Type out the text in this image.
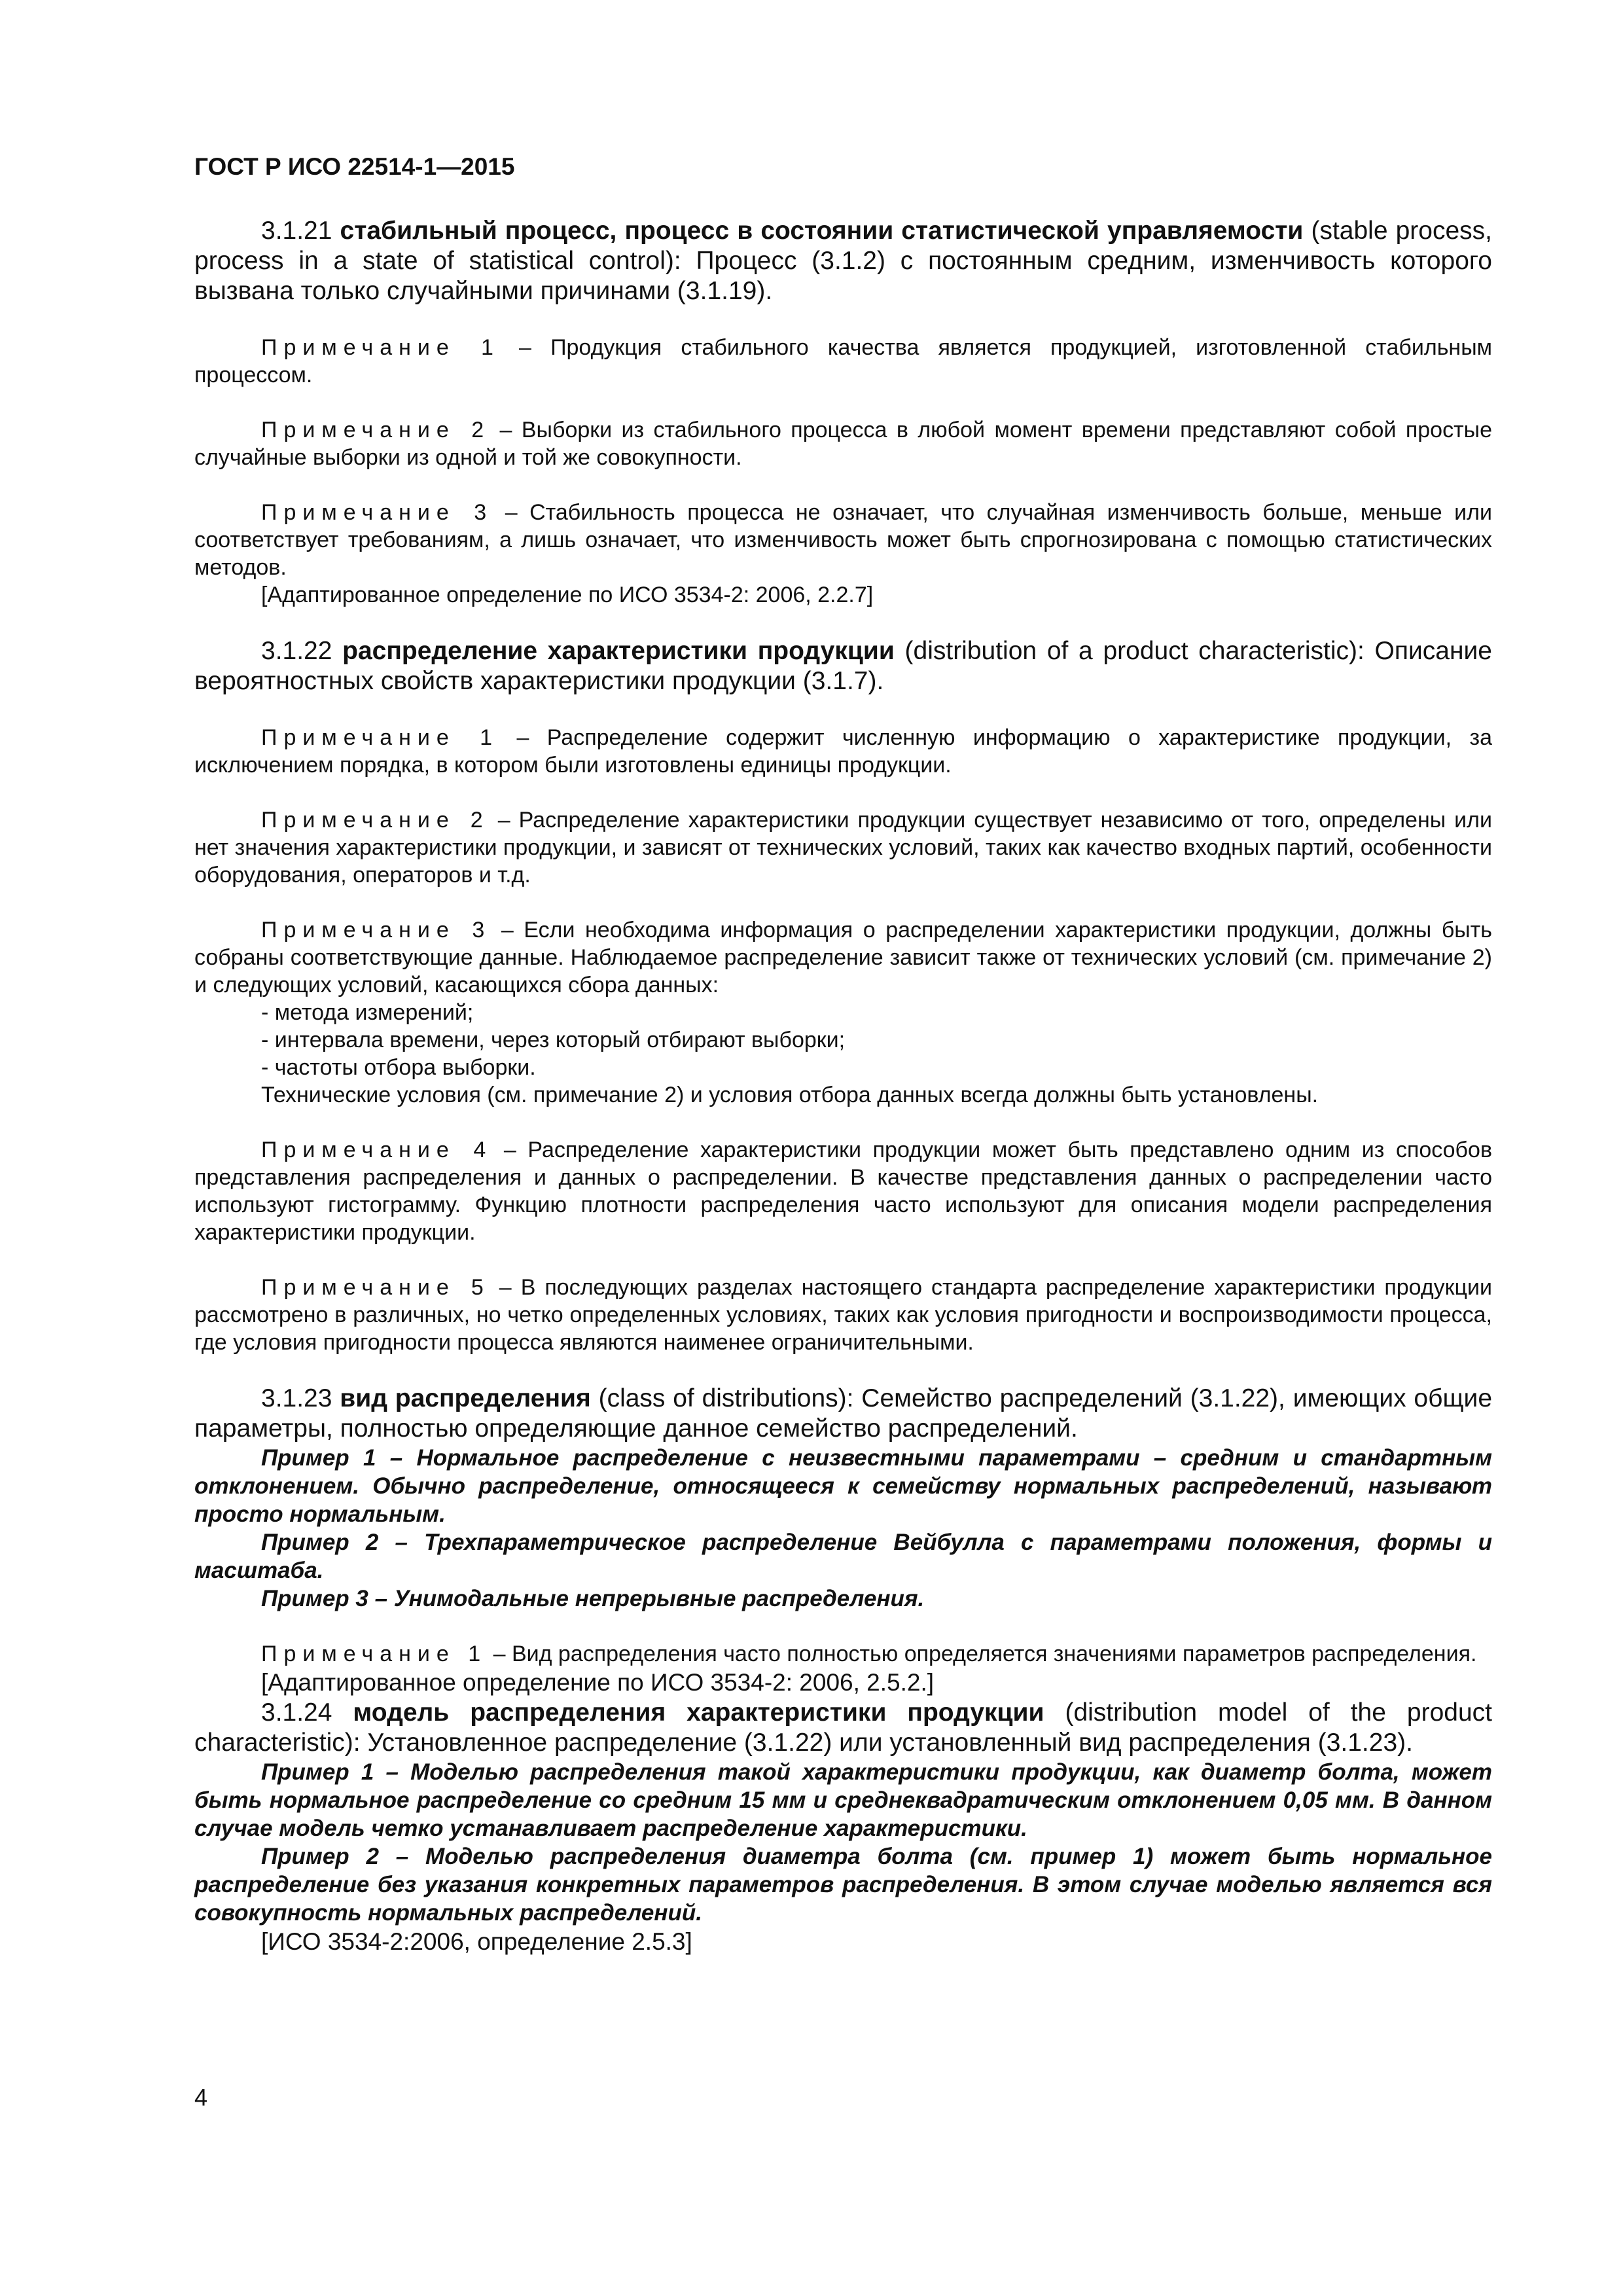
ГОСТ Р ИСО 22514-1—2015

3.1.21 стабильный процесс, процесс в состоянии статистической управляемости (stable process, process in a state of statistical control): Процесс (3.1.2) с постоянным средним, изменчивость которого вызвана только случайными причинами (3.1.19).

Примечание 1 – Продукция стабильного качества является продукцией, изготовленной стабильным процессом.

Примечание 2 – Выборки из стабильного процесса в любой момент времени представляют собой простые случайные выборки из одной и той же совокупности.

Примечание 3 – Стабильность процесса не означает, что случайная изменчивость больше, меньше или соответствует требованиям, а лишь означает, что изменчивость может быть спрогнозирована с помощью статистических методов.

[Адаптированное определение по ИСО 3534-2: 2006, 2.2.7]

3.1.22 распределение характеристики продукции (distribution of a product characteristic): Описание вероятностных свойств характеристики продукции (3.1.7).

Примечание 1 – Распределение содержит численную информацию о характеристике продукции, за исключением порядка, в котором были изготовлены единицы продукции.

Примечание 2 – Распределение характеристики продукции существует независимо от того, определены или нет значения характеристики продукции, и зависят от технических условий, таких как качество входных партий, особенности оборудования, операторов и т.д.

Примечание 3 – Если необходима информация о распределении характеристики продукции, должны быть собраны соответствующие данные. Наблюдаемое распределение зависит также от технических условий (см. примечание 2) и следующих условий, касающихся сбора данных:

- метода измерений;

- интервала времени, через который отбирают выборки;

- частоты отбора выборки.

Технические условия (см. примечание 2) и условия отбора данных всегда должны быть установлены.

Примечание 4 – Распределение характеристики продукции может быть представлено одним из способов представления распределения и данных о распределении. В качестве представления данных о распределении часто используют гистограмму. Функцию плотности распределения часто используют для описания модели распределения характеристики продукции.

Примечание 5 – В последующих разделах настоящего стандарта распределение характеристики продукции рассмотрено в различных, но четко определенных условиях, таких как условия пригодности и воспроизводимости процесса, где условия пригодности процесса являются наименее ограничительными.

3.1.23 вид распределения (class of distributions): Семейство распределений (3.1.22), имеющих общие параметры, полностью определяющие данное семейство распределений.

Пример 1 – Нормальное распределение с неизвестными параметрами – средним и стандартным отклонением. Обычно распределение, относящееся к семейству нормальных распределений, называют просто нормальным.

Пример 2 – Трехпараметрическое распределение Вейбулла с параметрами положения, формы и масштаба.

Пример 3 – Унимодальные непрерывные распределения.

Примечание 1 – Вид распределения часто полностью определяется значениями параметров распределения.

[Адаптированное определение по ИСО 3534-2: 2006, 2.5.2.]

3.1.24 модель распределения характеристики продукции (distribution model of the product characteristic): Установленное распределение (3.1.22) или установленный вид распределения (3.1.23).

Пример 1 – Моделью распределения такой характеристики продукции, как диаметр болта, может быть нормальное распределение со средним 15 мм и среднеквадратическим отклонением 0,05 мм. В данном случае модель четко устанавливает распределение характеристики.

Пример 2 – Моделью распределения диаметра болта (см. пример 1) может быть нормальное распределение без указания конкретных параметров распределения. В этом случае моделью является вся совокупность нормальных распределений.

[ИСО 3534-2:2006, определение 2.5.3]

4
